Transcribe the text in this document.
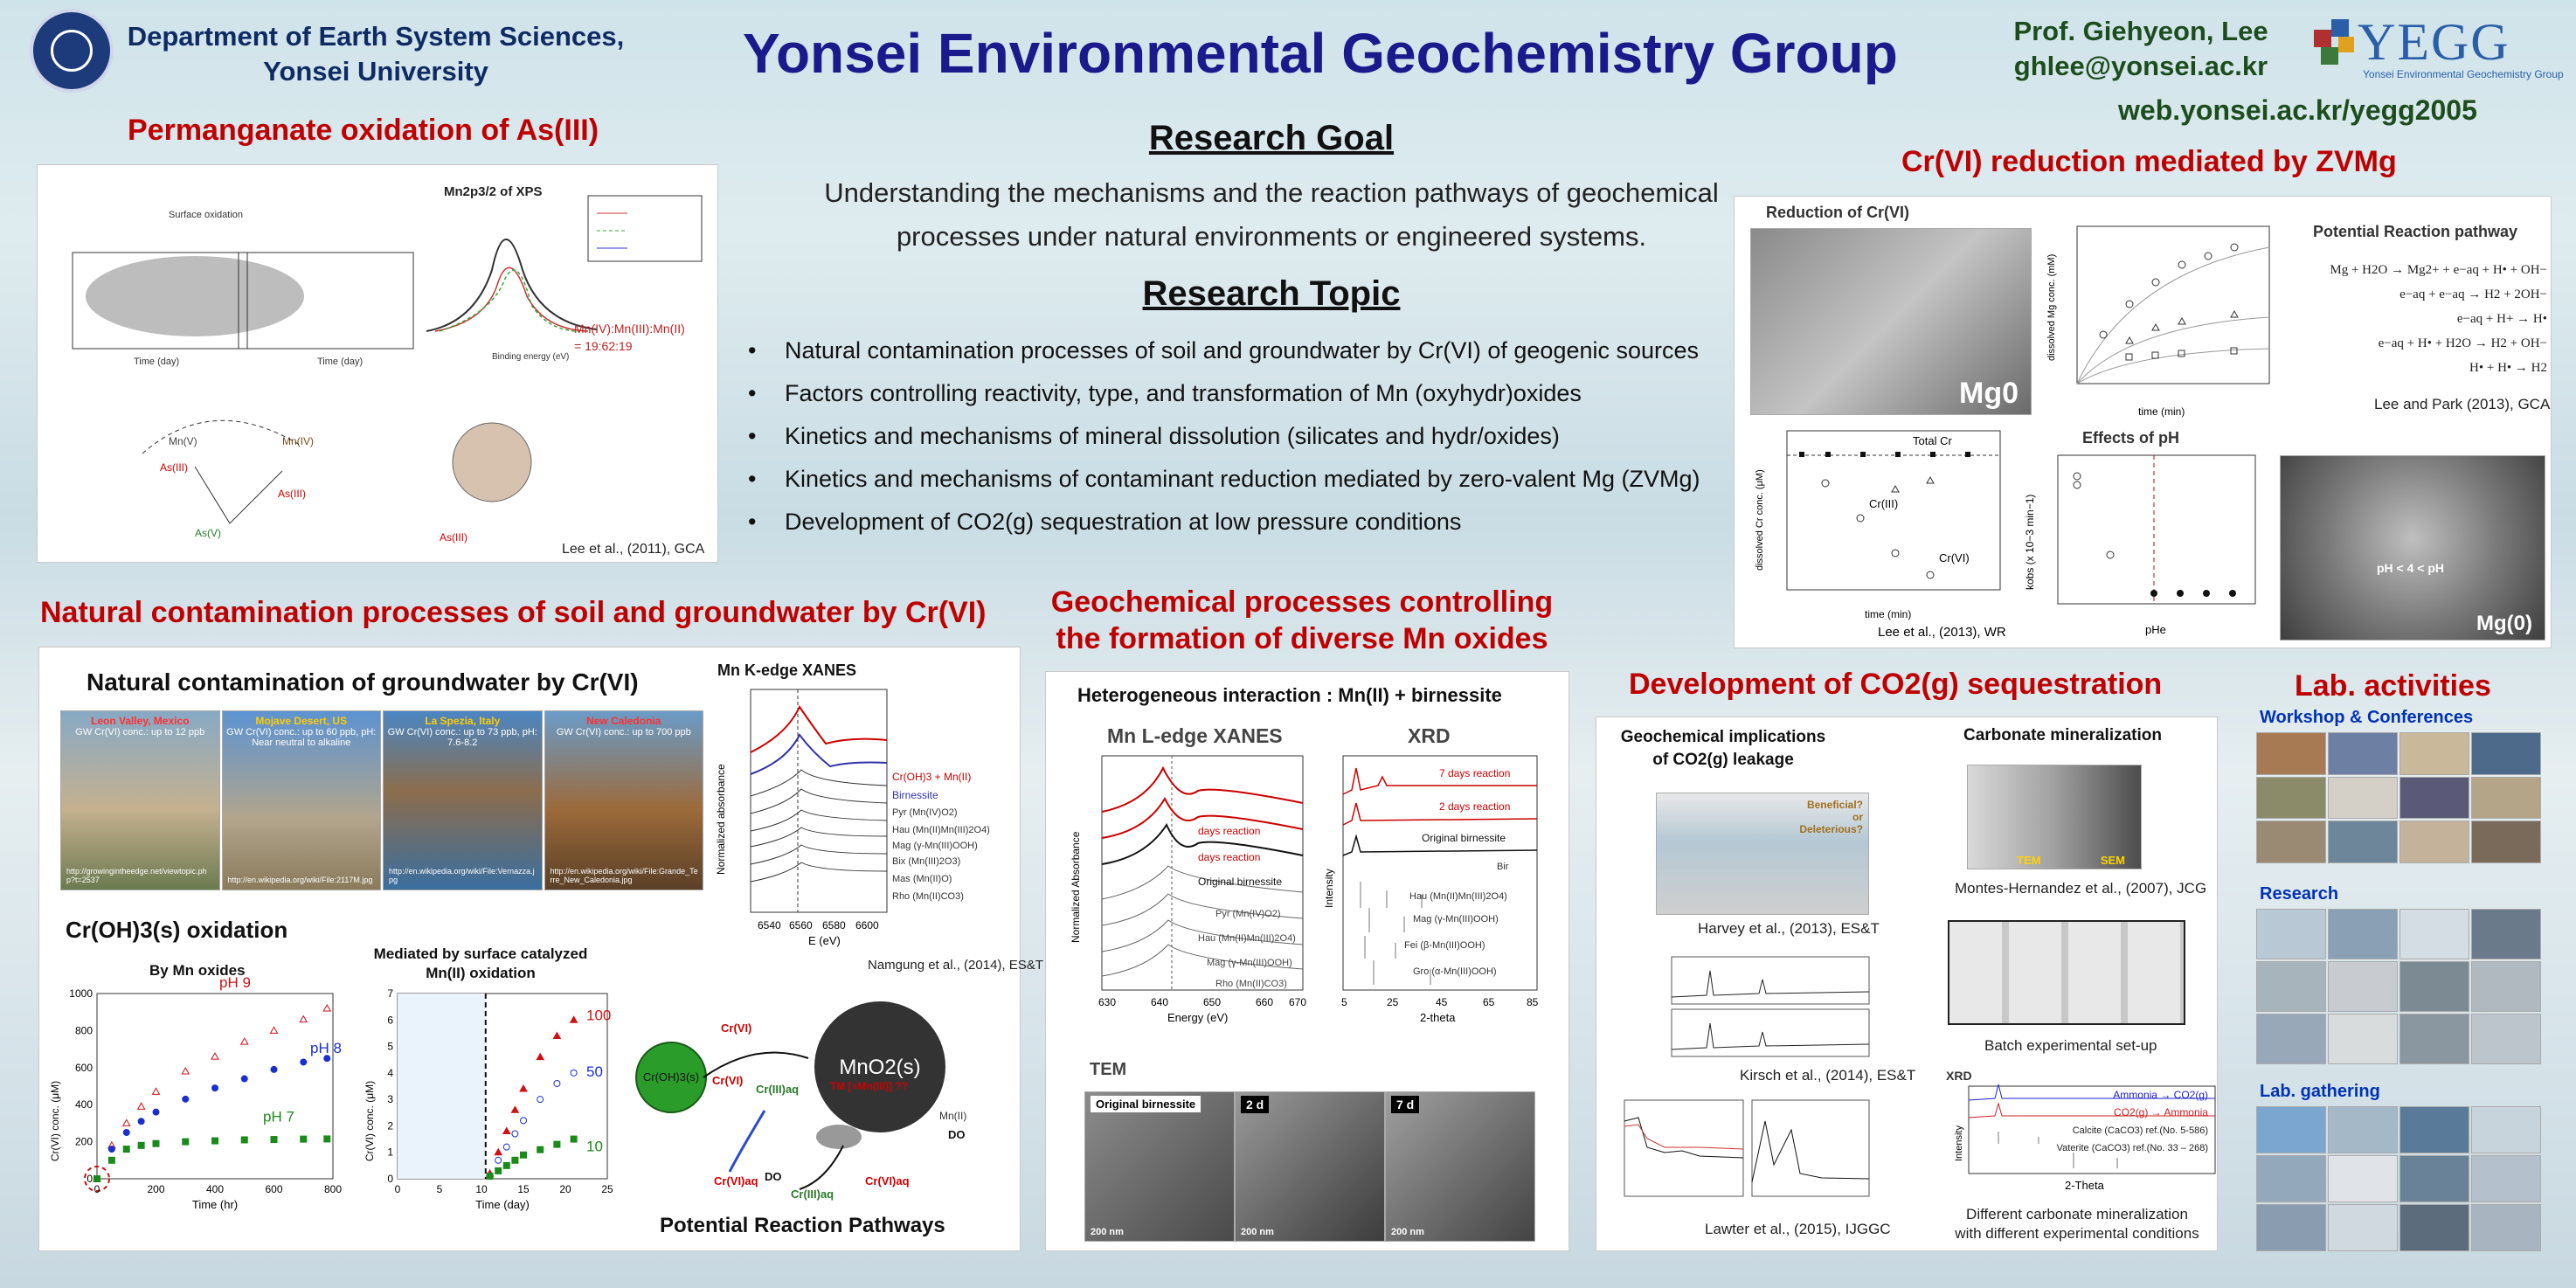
Department of Earth System Sciences,
Yonsei University	Yonsei Environmental Geochemistry Group	Prof. Giehyeon, Lee
ghlee@yonsei.ac.kr	YEGG
Yonsei Environmental Geochemistry Group
web.yonsei.ac.kr/yegg2005
Research Goal
Understanding the mechanisms and the reaction pathways of geochemical
processes under natural environments or engineered systems.
Research Topic
• Natural contamination processes of soil and groundwater by Cr(VI) of geogenic sources
• Factors controlling reactivity, type, and transformation of Mn (oxyhydr)oxides
• Kinetics and mechanisms of mineral dissolution (silicates and hydr/oxides)
• Kinetics and mechanisms of contaminant reduction mediated by zero-valent Mg (ZVMg)
• Development of CO2(g) sequestration at low pressure conditions
Permanganate oxidation of As(III)
Surface oxidation
Time (day)	Time (day)
Mn2p3/2 of XPS
Binding energy (eV)
Mn(IV):Mn(III):Mn(II)
= 19:62:19
Mn(V)
As(III)
As(III)
Mn(IV)
As(V)	As(III)
Lee et al., (2011), GCA
Natural contamination processes of soil and groundwater by Cr(VI)
Natural contamination of groundwater by Cr(VI)
Leon Valley, Mexico
GW Cr(VI) conc.: up to 12 ppb
http://growingintheedge.net/viewtopic.php?t=2537
Mojave Desert, US
GW Cr(VI) conc.: up to 60 ppb, pH: Near neutral to alkaline
http://en.wikipedia.org/wiki/File:2117M.jpg
La Spezia, Italy
GW Cr(VI) conc.: up to 73 ppb, pH: 7.6-8.2
http://en.wikipedia.org/wiki/File:Vernazza.jpg
New Caledonia
GW Cr(VI) conc.: up to 700 ppb
http://en.wikipedia.org/wiki/File:Grande_Terre_New_Caledonia.jpg
Mn K-edge XANES
Cr(OH)3 + Mn(II)
Birnessite
Pyr (Mn(IV)O2)
Hau (Mn(II)Mn(III)2O4)
Mag (γ-Mn(III)OOH)
Bix (Mn(III)2O3)
Mas (Mn(II)O)
Rho (Mn(II)CO3)
6540 6560 6580 6600
E (eV)
Normalized absorbance
Namgung et al., (2014), ES&T
Cr(OH)3(s) oxidation
By Mn oxides
Mediated by surface catalyzed Mn(II) oxidation
0	200	400	600	800
0
200
400
600
800
1000
Time (hr)
Cr(VI) conc. (μM)
pH 9
pH 8
pH 7
0	5	10	15	20	25
0
1
2
3
4
5
6
7
Time (day)
Cr(VI) conc. (μM)
100
50
10
Cr(OH)3(s)	MnO2(s)
Cr(VI)
Cr(VI)
Cr(III)aq	TM [≡Mn(III)] ??
Cr(VI)aq DO
Cr(III)aq
Cr(VI)aq
Mn(II)
DO
Potential Reaction Pathways
Geochemical processes controlling
the formation of diverse Mn oxides
Heterogeneous interaction : Mn(II) + birnessite
Mn L-edge XANES	XRD
days reaction
days reaction
Original birnessite
Pyr (Mn(IV)O2)
Hau (Mn(II)Mn(III)2O4)
Mag (γ-Mn(III)OOH)
Rho (Mn(II)CO3)
630	640	650	660 670
Energy (eV)
Normalized Absorbance
7 days reaction
2 days reaction
Original birnessite
Bir
Hau (Mn(II)Mn(III)2O4)
Mag (γ-Mn(III)OOH)
Fei (β-Mn(III)OOH)
Gro (α-Mn(III)OOH)
5	25	45	65	85
2-theta
Intensity
TEM
Original birnessite
200 nm
2 d
200 nm
7 d
200 nm
Cr(VI) reduction mediated by ZVMg
Reduction of Cr(VI)
Mg0
time (min)
dissolved Mg conc. (mM)
Potential Reaction pathway
Mg + H2O → Mg2+ + e−aq + H• + OH−
e−aq + e−aq → H2 + 2OH−
e−aq + H+ → H•
e−aq + H• + H2O → H2 + OH−
H• + H• → H2
Lee and Park (2013), GCA
Total Cr
Cr(III)
Cr(VI)
time (min)
dissolved Cr conc. (μM)
Lee et al., (2013), WR
Effects of pH
pHe
kobs (x 10−3 min−1)	pH < 4 < pH
Mg(0)
Development of CO2(g) sequestration
Geochemical implications of CO2(g) leakage
Carbonate mineralization
Beneficial?
or
Deleterious?
Harvey et al., (2013), ES&T
TEM	SEM
Montes-Hernandez et al., (2007), JCG
Batch experimental set-up
Kirsch et al., (2014), ES&T
Lawter et al., (2015), IJGGC
XRD
Ammonia → CO2(g)
CO2(g) → Ammonia
Calcite (CaCO3) ref.(No. 5-586)
Vaterite (CaCO3) ref.(No. 33 – 268)
2-Theta
Intensity
Different carbonate mineralization
with different experimental conditions
Lab. activities
Workshop & Conferences
Research
Lab. gathering
